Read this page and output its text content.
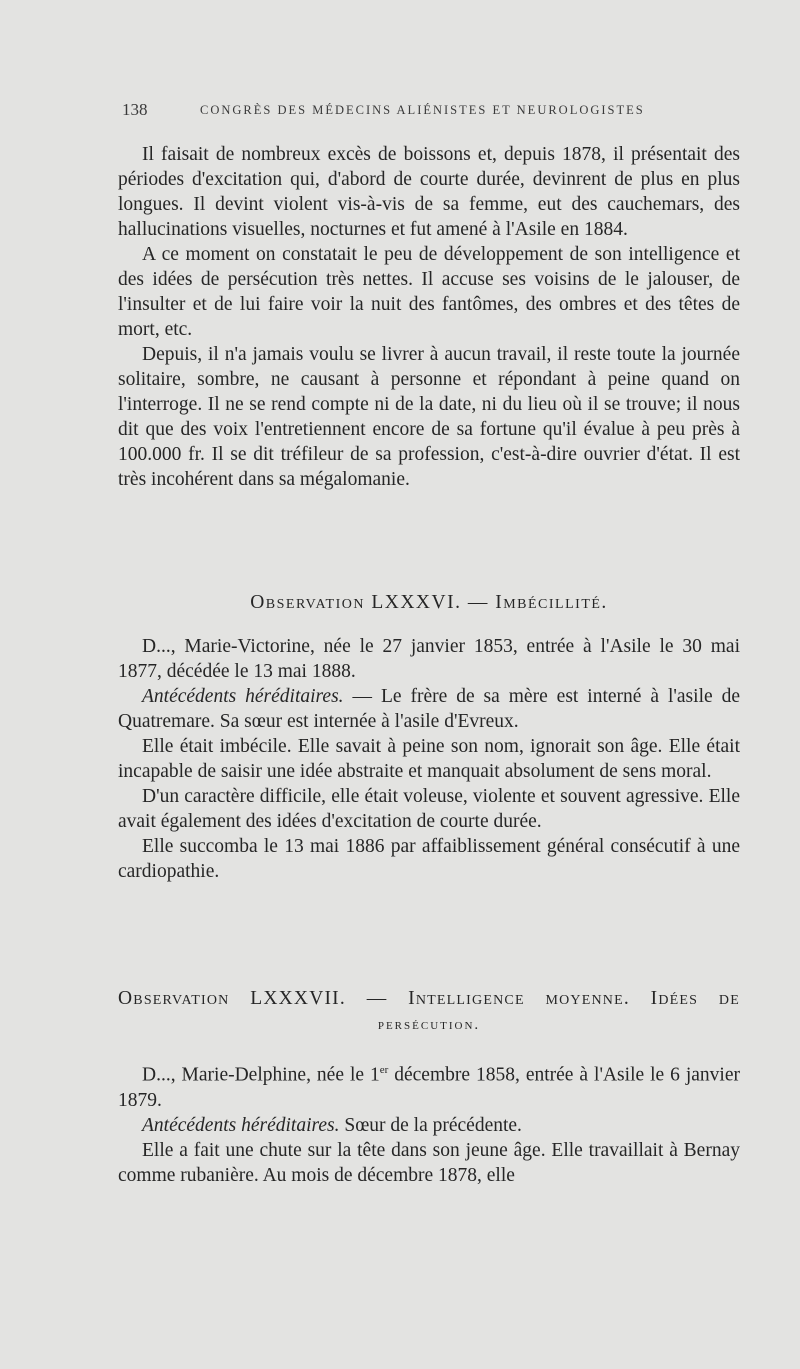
138	CONGRÈS DES MÉDECINS ALIÉNISTES ET NEUROLOGISTES

Il faisait de nombreux excès de boissons et, depuis 1878, il présentait des périodes d'excitation qui, d'abord de courte durée, devinrent de plus en plus longues. Il devint violent vis-à-vis de sa femme, eut des cauchemars, des hallucinations visuelles, nocturnes et fut amené à l'Asile en 1884.

A ce moment on constatait le peu de développement de son intelligence et des idées de persécution très nettes. Il accuse ses voisins de le jalouser, de l'insulter et de lui faire voir la nuit des fantômes, des ombres et des têtes de mort, etc.

Depuis, il n'a jamais voulu se livrer à aucun travail, il reste toute la journée solitaire, sombre, ne causant à personne et répondant à peine quand on l'interroge. Il ne se rend compte ni de la date, ni du lieu où il se trouve; il nous dit que des voix l'entretiennent encore de sa fortune qu'il évalue à peu près à 100.000 fr. Il se dit tréfileur de sa profession, c'est-à-dire ouvrier d'état. Il est très incohérent dans sa mégalomanie.

Observation LXXXVI. — Imbécillité.

D..., Marie-Victorine, née le 27 janvier 1853, entrée à l'Asile le 30 mai 1877, décédée le 13 mai 1888.

Antécédents héréditaires. — Le frère de sa mère est interné à l'asile de Quatremare. Sa sœur est internée à l'asile d'Evreux.

Elle était imbécile. Elle savait à peine son nom, ignorait son âge. Elle était incapable de saisir une idée abstraite et manquait absolument de sens moral.

D'un caractère difficile, elle était voleuse, violente et souvent agressive. Elle avait également des idées d'excitation de courte durée.

Elle succomba le 13 mai 1886 par affaiblissement général consécutif à une cardiopathie.

Observation LXXXVII. — Intelligence moyenne. Idées de
persécution.

D..., Marie-Delphine, née le 1er décembre 1858, entrée à l'Asile le 6 janvier 1879.

Antécédents héréditaires. Sœur de la précédente.

Elle a fait une chute sur la tête dans son jeune âge. Elle travaillait à Bernay comme rubanière. Au mois de décembre 1878, elle
